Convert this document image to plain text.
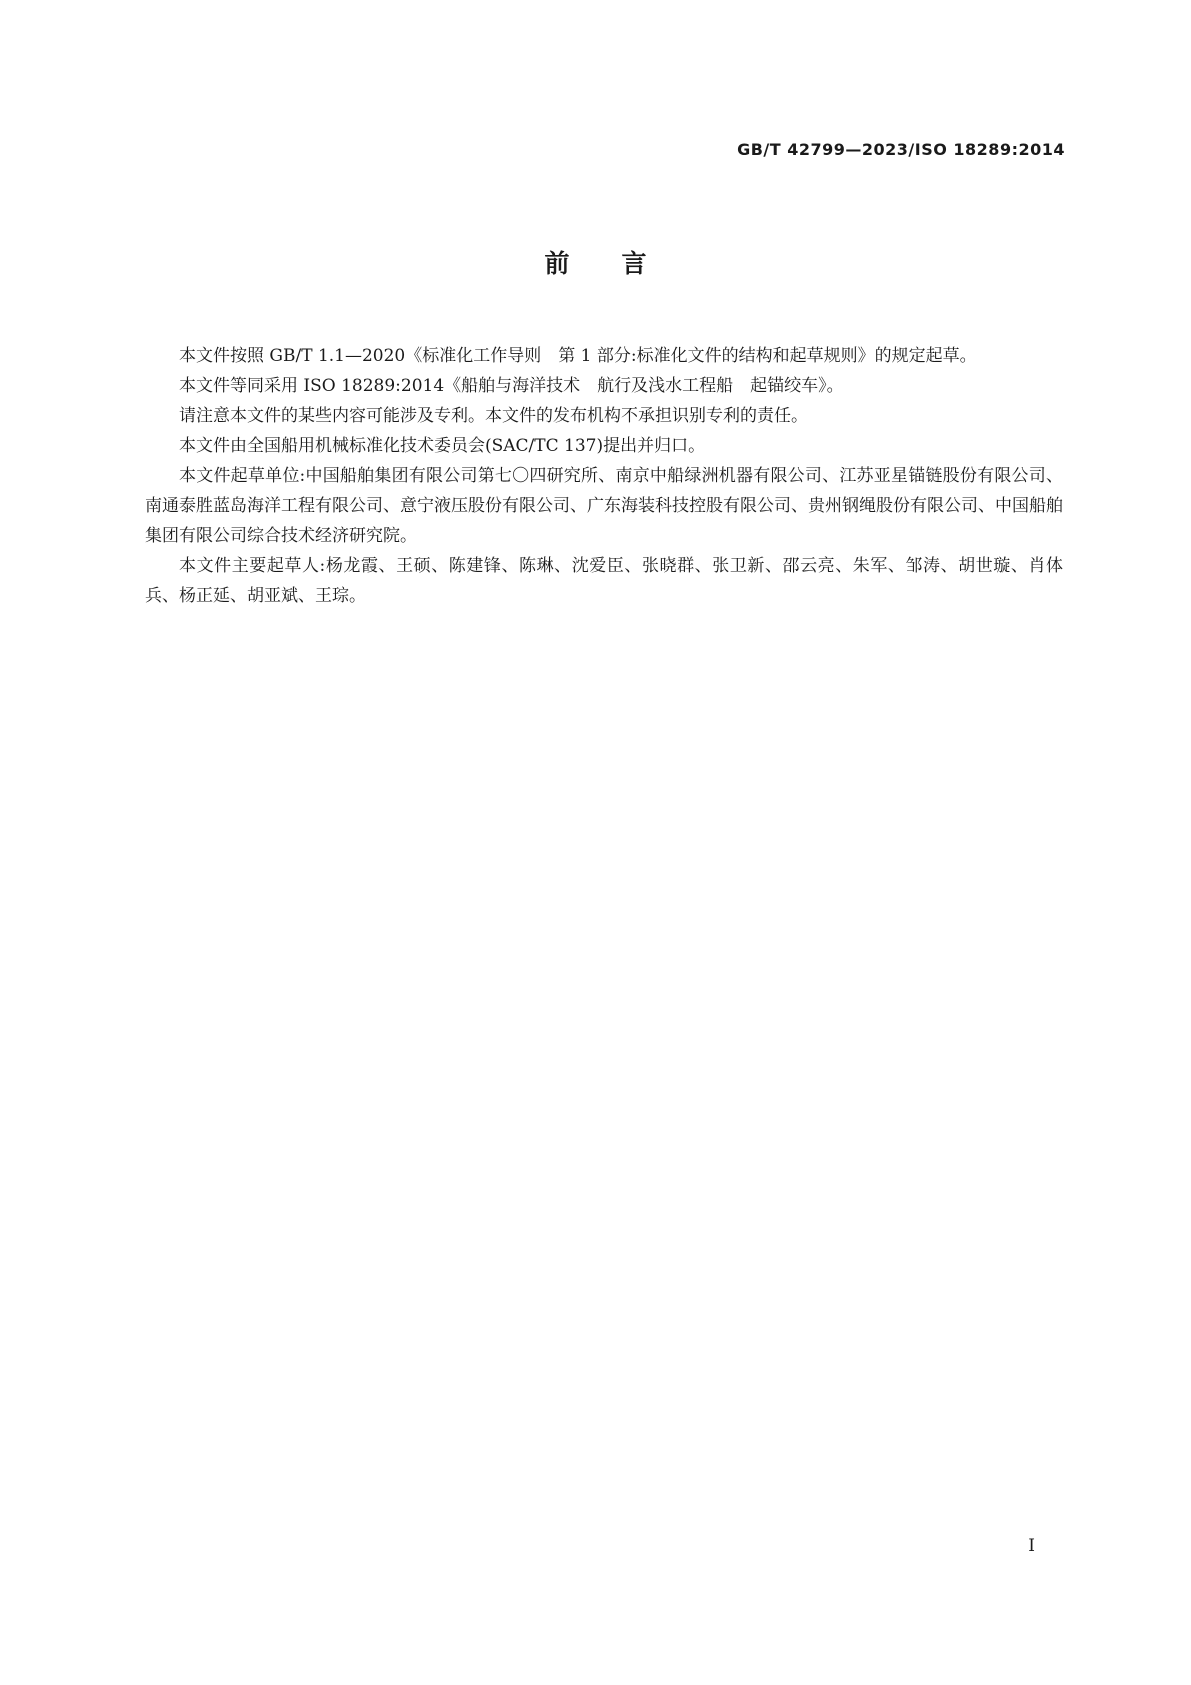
GB/T 42799—2023/ISO 18289:2014
前言

本文件按照 GB/T 1.1—2020《标准化工作导则　第 1 部分:标准化文件的结构和起草规则》的规定起草。

本文件等同采用 ISO 18289:2014《船舶与海洋技术　航行及浅水工程船　起锚绞车》。

请注意本文件的某些内容可能涉及专利。本文件的发布机构不承担识别专利的责任。

本文件由全国船用机械标准化技术委员会(SAC/TC 137)提出并归口。

本文件起草单位:中国船舶集团有限公司第七〇四研究所、南京中船绿洲机器有限公司、江苏亚星锚链股份有限公司、南通泰胜蓝岛海洋工程有限公司、意宁液压股份有限公司、广东海装科技控股有限公司、贵州钢绳股份有限公司、中国船舶集团有限公司综合技术经济研究院。

本文件主要起草人:杨龙霞、王硕、陈建锋、陈琳、沈爱臣、张晓群、张卫新、邵云亮、朱军、邹涛、胡世璇、肖体兵、杨正延、胡亚斌、王琮。

I
